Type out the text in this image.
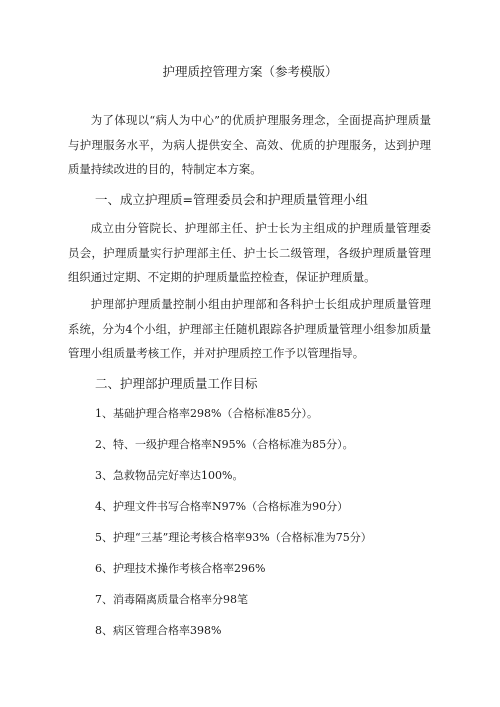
护理质控管理方案（参考模版）
为了体现以“病人为中心”的优质护理服务理念，全面提高护理质量与护理服务水平，为病人提供安全、高效、优质的护理服务，达到护理质量持续改进的目的，特制定本方案。
一、成立护理质=管理委员会和护理质量管理小组
成立由分管院长、护理部主任、护士长为主组成的护理质量管理委员会，护理质量实行护理部主任、护士长二级管理，各级护理质量管理组织通过定期、不定期的护理质量监控检查，保证护理质量。
护理部护理质量控制小组由护理部和各科护士长组成护理质量管理系统，分为4个小组，护理部主任随机跟踪各护理质量管理小组参加质量管理小组质量考核工作，并对护理质控工作予以管理指导。
二、护理部护理质量工作目标
1、基础护理合格率298%（合格标准85分）。
2、特、一级护理合格率N95%（合格标准为85分）。
3、急救物品完好率达100%。
4、护理文件书写合格率N97%（合格标准为90分）
5、护理“三基”理论考核合格率93%（合格标准为75分）
6、护理技术操作考核合格率296%
7、消毒隔离质量合格率分98笔
8、病区管理合格率398%
